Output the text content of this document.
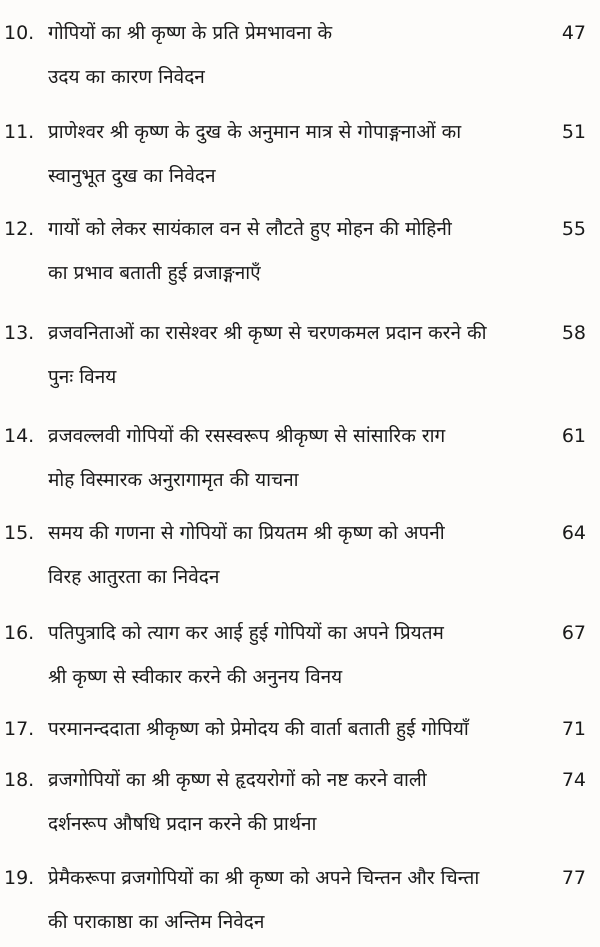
10. गोपियों का श्री कृष्ण के प्रति प्रेमभावना के
उदय का कारण निवेदन
47
11. प्राणेश्वर श्री कृष्ण के दुख के अनुमान मात्र से गोपाङ्गनाओं का
स्वानुभूत दुख का निवेदन
51
12. गायों को लेकर सायंकाल वन से लौटते हुए मोहन की मोहिनी
का प्रभाव बताती हुई व्रजाङ्गनाएँ
55
13. व्रजवनिताओं का रासेश्वर श्री कृष्ण से चरणकमल प्रदान करने की
पुनः विनय
58
14. व्रजवल्लवी गोपियों की रसस्वरूप श्रीकृष्ण से सांसारिक राग
मोह विस्मारक अनुरागामृत की याचना
61
15. समय की गणना से गोपियों का प्रियतम श्री कृष्ण को अपनी
विरह आतुरता का निवेदन
64
16. पतिपुत्रादि को त्याग कर आई हुई गोपियों का अपने प्रियतम
श्री कृष्ण से स्वीकार करने की अनुनय विनय
67
17. परमानन्ददाता श्रीकृष्ण को प्रेमोदय की वार्ता बताती हुई गोपियाँ	71
18. व्रजगोपियों का श्री कृष्ण से हृदयरोगों को नष्ट करने वाली
दर्शनरूप औषधि प्रदान करने की प्रार्थना
74
19. प्रेमैकरूपा व्रजगोपियों का श्री कृष्ण को अपने चिन्तन और चिन्ता
की पराकाष्ठा का अन्तिम निवेदन
77
